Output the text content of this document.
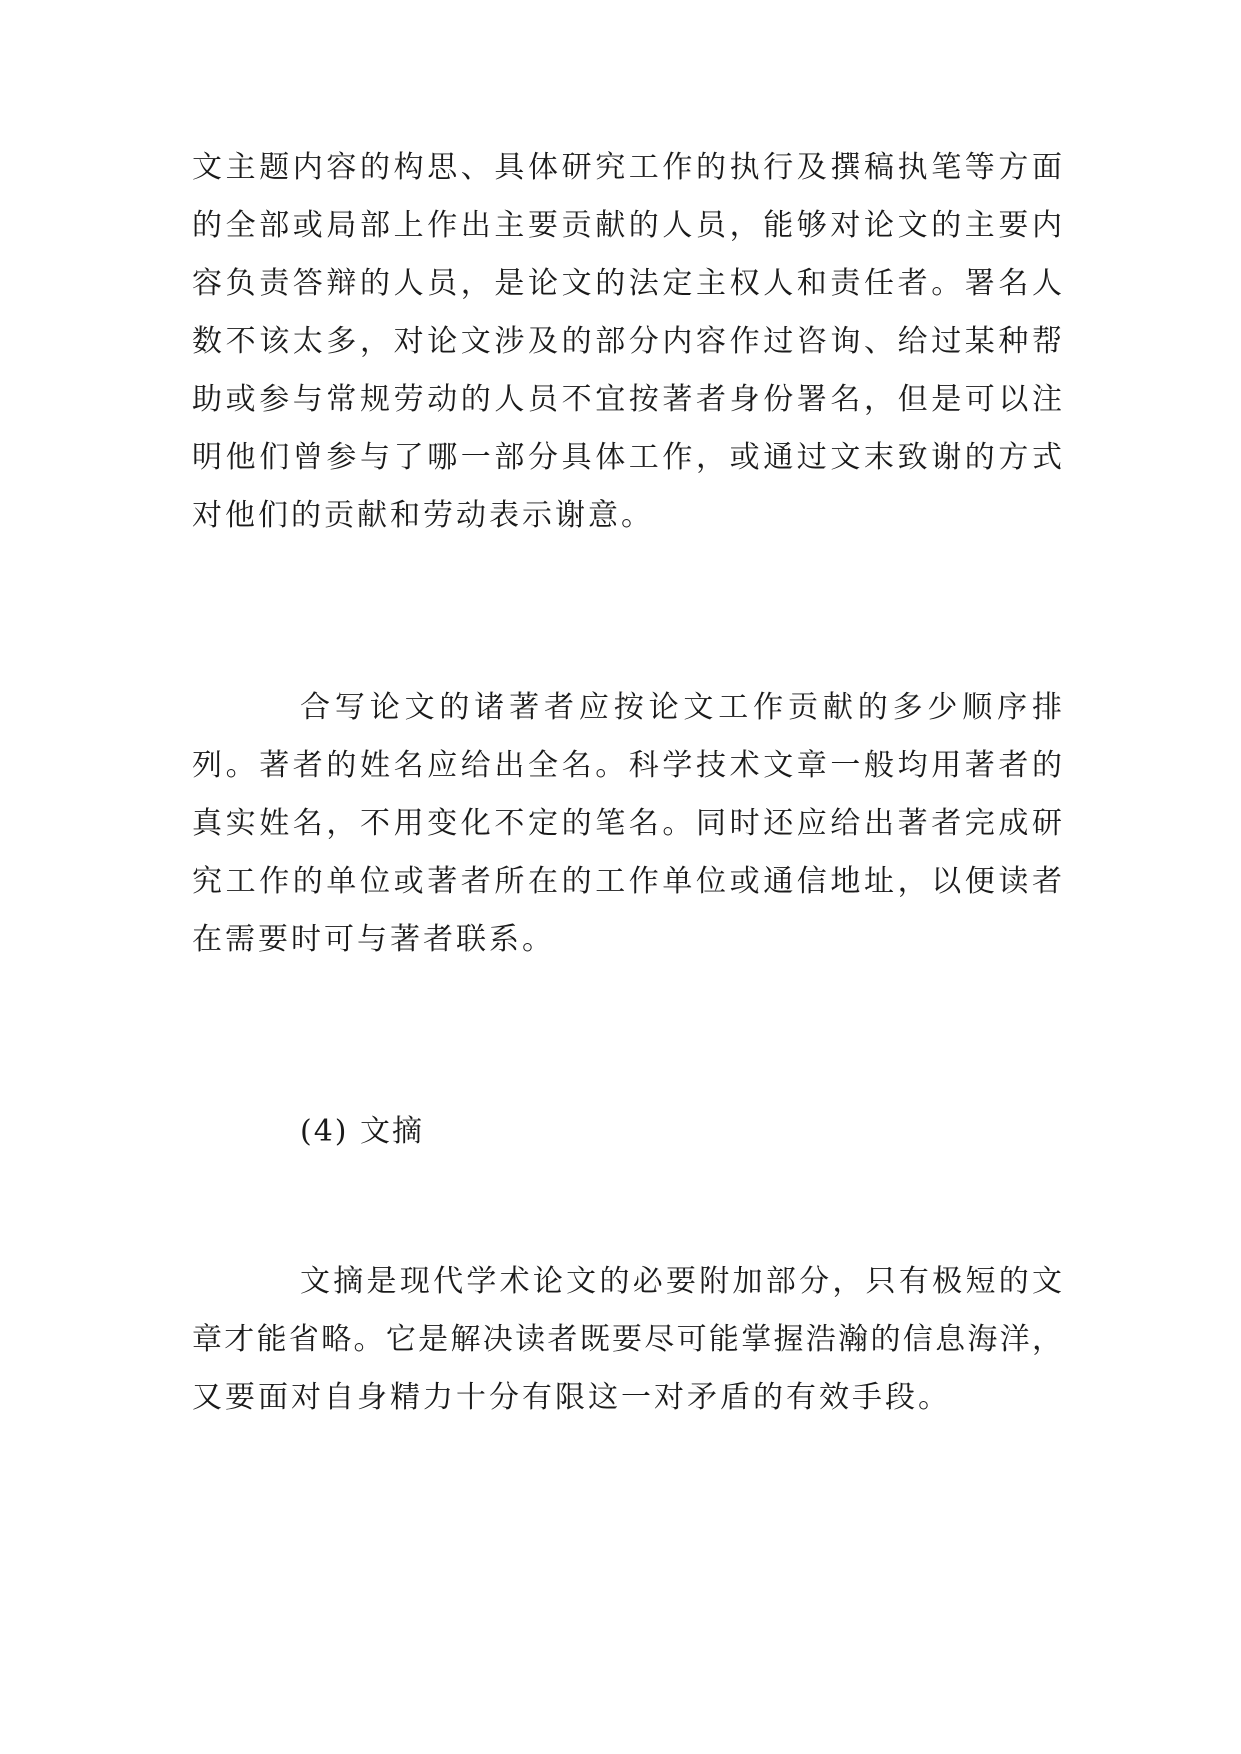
文主题内容的构思、具体研究工作的执行及撰稿执笔等方面
的全部或局部上作出主要贡献的人员，能够对论文的主要内
容负责答辩的人员，是论文的法定主权人和责任者。署名人
数不该太多，对论文涉及的部分内容作过咨询、给过某种帮
助或参与常规劳动的人员不宜按著者身份署名，但是可以注
明他们曾参与了哪一部分具体工作，或通过文末致谢的方式
对他们的贡献和劳动表示谢意。
合写论文的诸著者应按论文工作贡献的多少顺序排
列。著者的姓名应给出全名。科学技术文章一般均用著者的
真实姓名，不用变化不定的笔名。同时还应给出著者完成研
究工作的单位或著者所在的工作单位或通信地址，以便读者
在需要时可与著者联系。
(4) 文摘
文摘是现代学术论文的必要附加部分，只有极短的文
章才能省略。它是解决读者既要尽可能掌握浩瀚的信息海洋，
又要面对自身精力十分有限这一对矛盾的有效手段。
